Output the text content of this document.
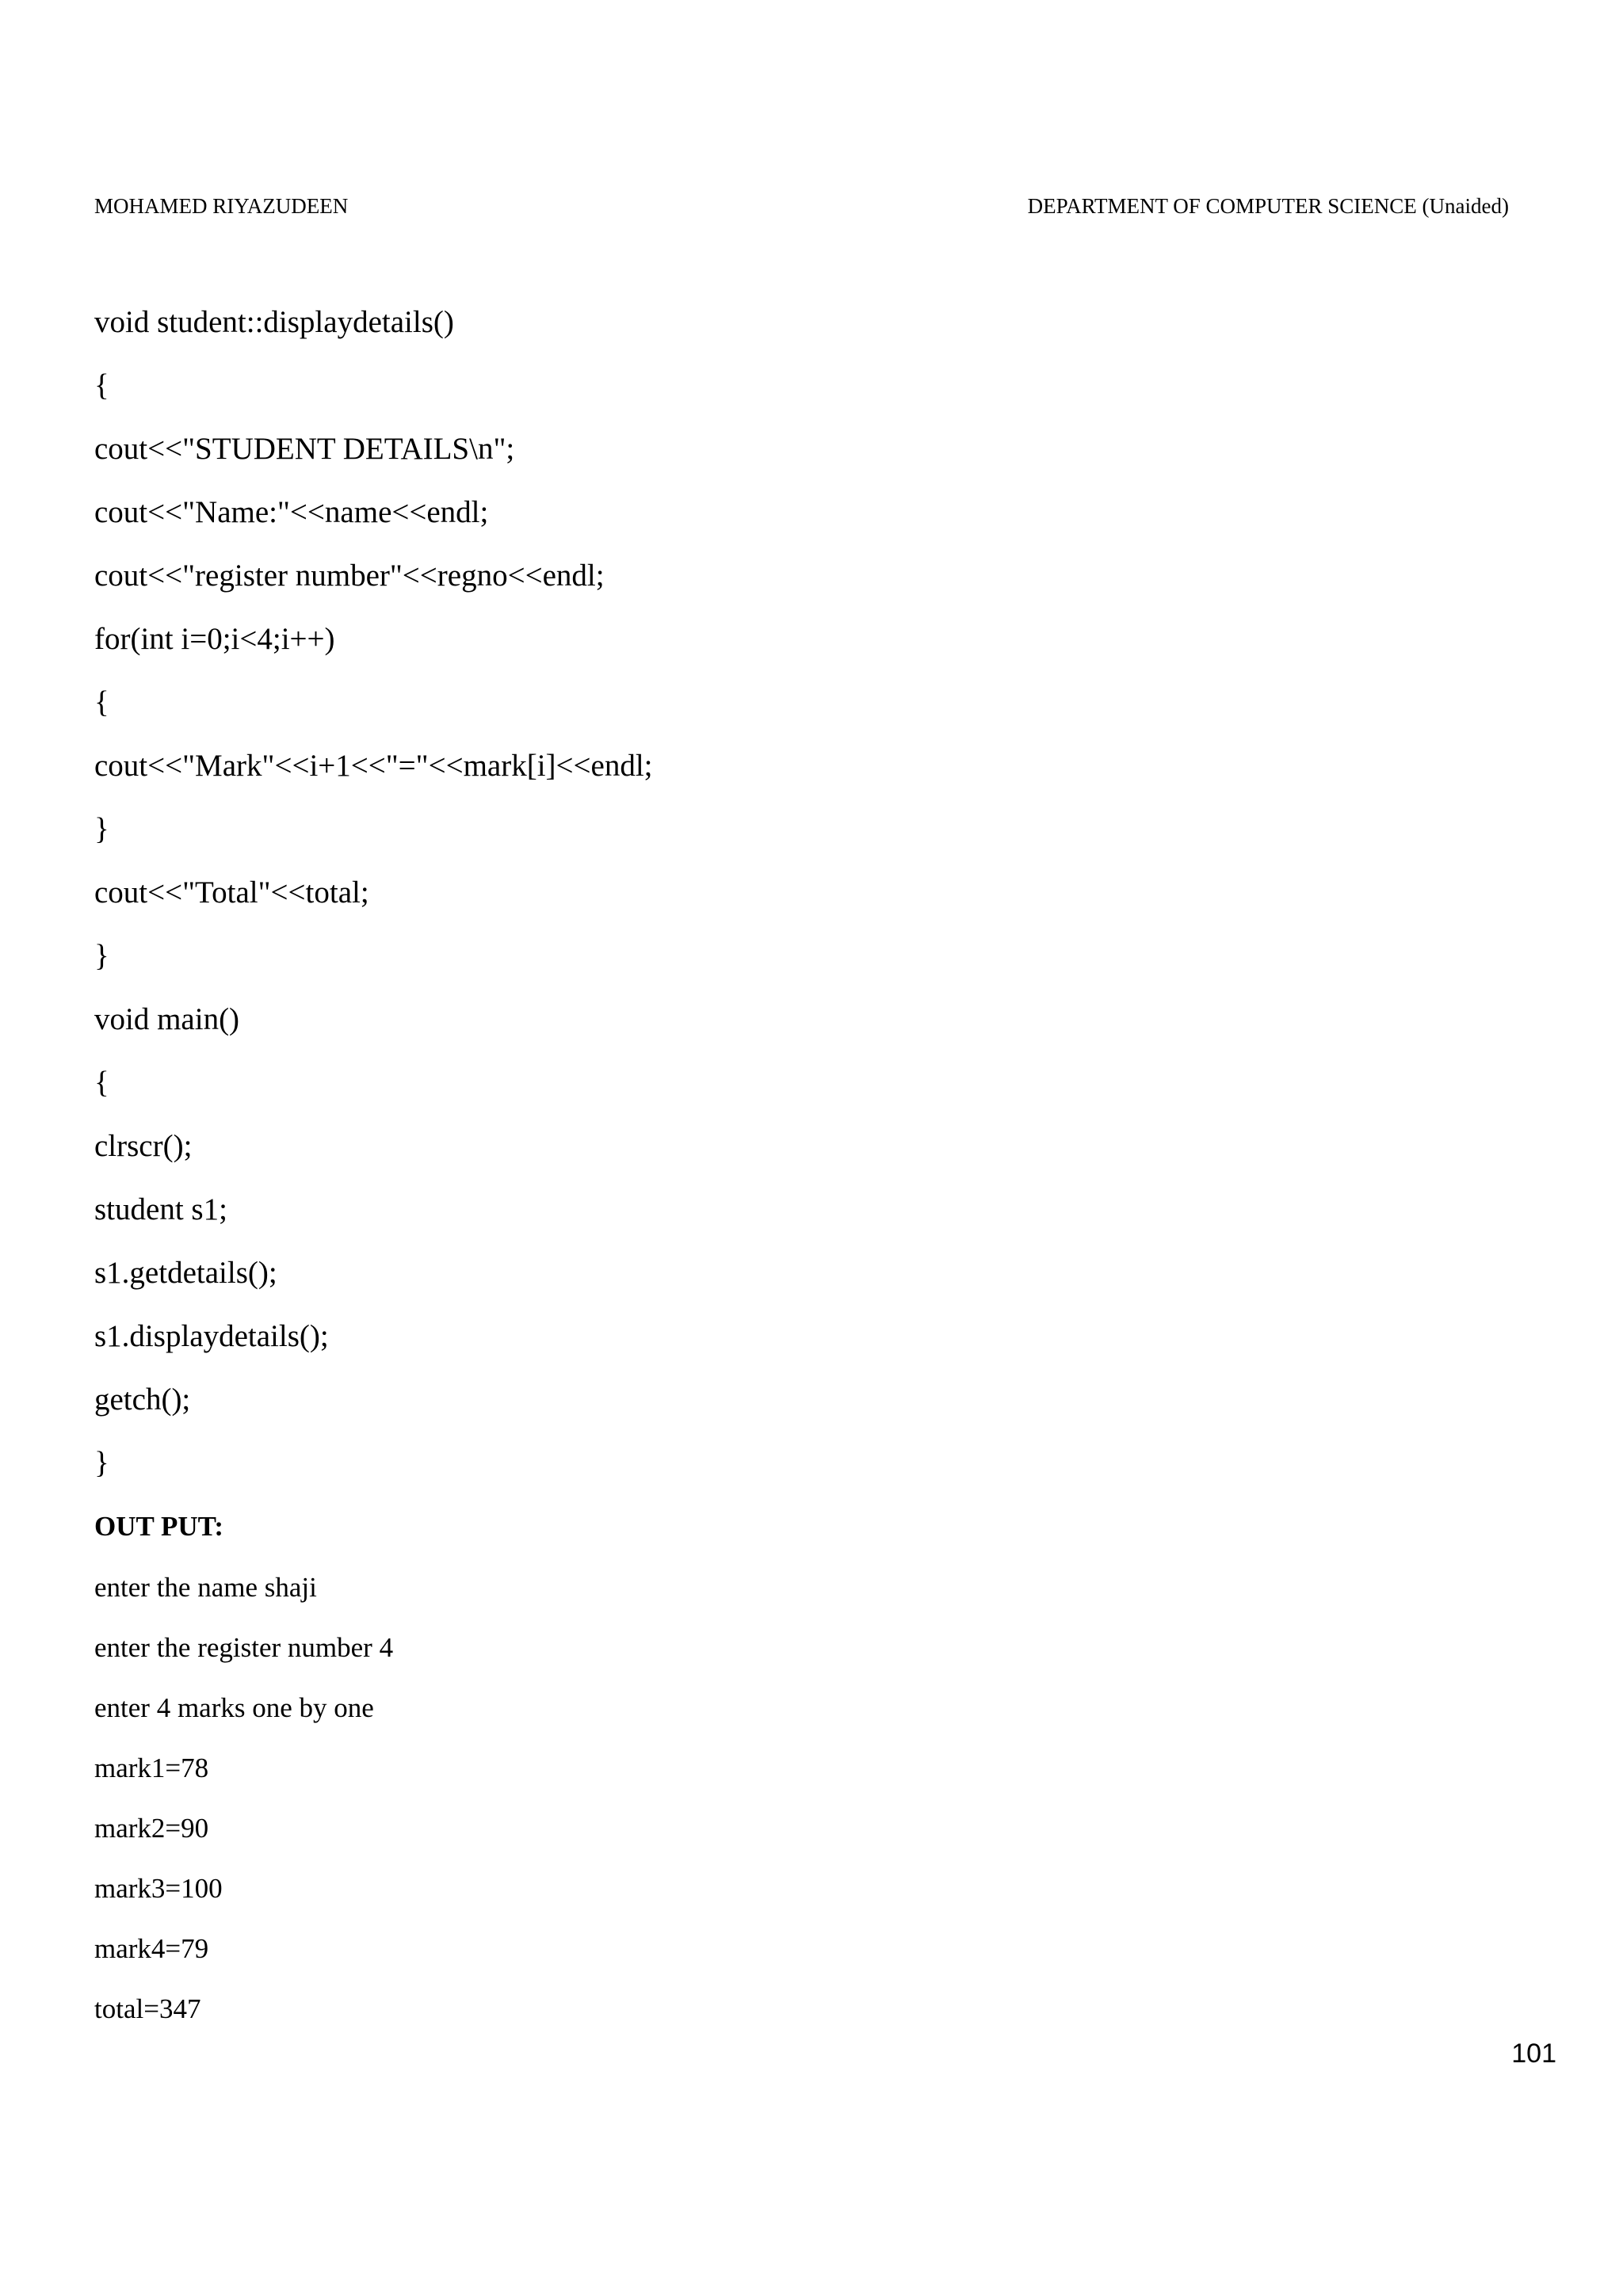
MOHAMED RIYAZUDEEN	DEPARTMENT OF COMPUTER SCIENCE (Unaided)
void student::displaydetails()
{
cout<<"STUDENT DETAILS\n";
cout<<"Name:"<<name<<endl;
cout<<"register number"<<regno<<endl;
for(int i=0;i<4;i++)
{
cout<<"Mark"<<i+1<<"="<<mark[i]<<endl;
}
cout<<"Total"<<total;
}
void main()
{
clrscr();
student s1;
s1.getdetails();
s1.displaydetails();
getch();
}
OUT PUT:
enter the name shaji
enter the register number 4
enter 4 marks one by one
mark1=78
mark2=90
mark3=100
mark4=79
total=347
101
